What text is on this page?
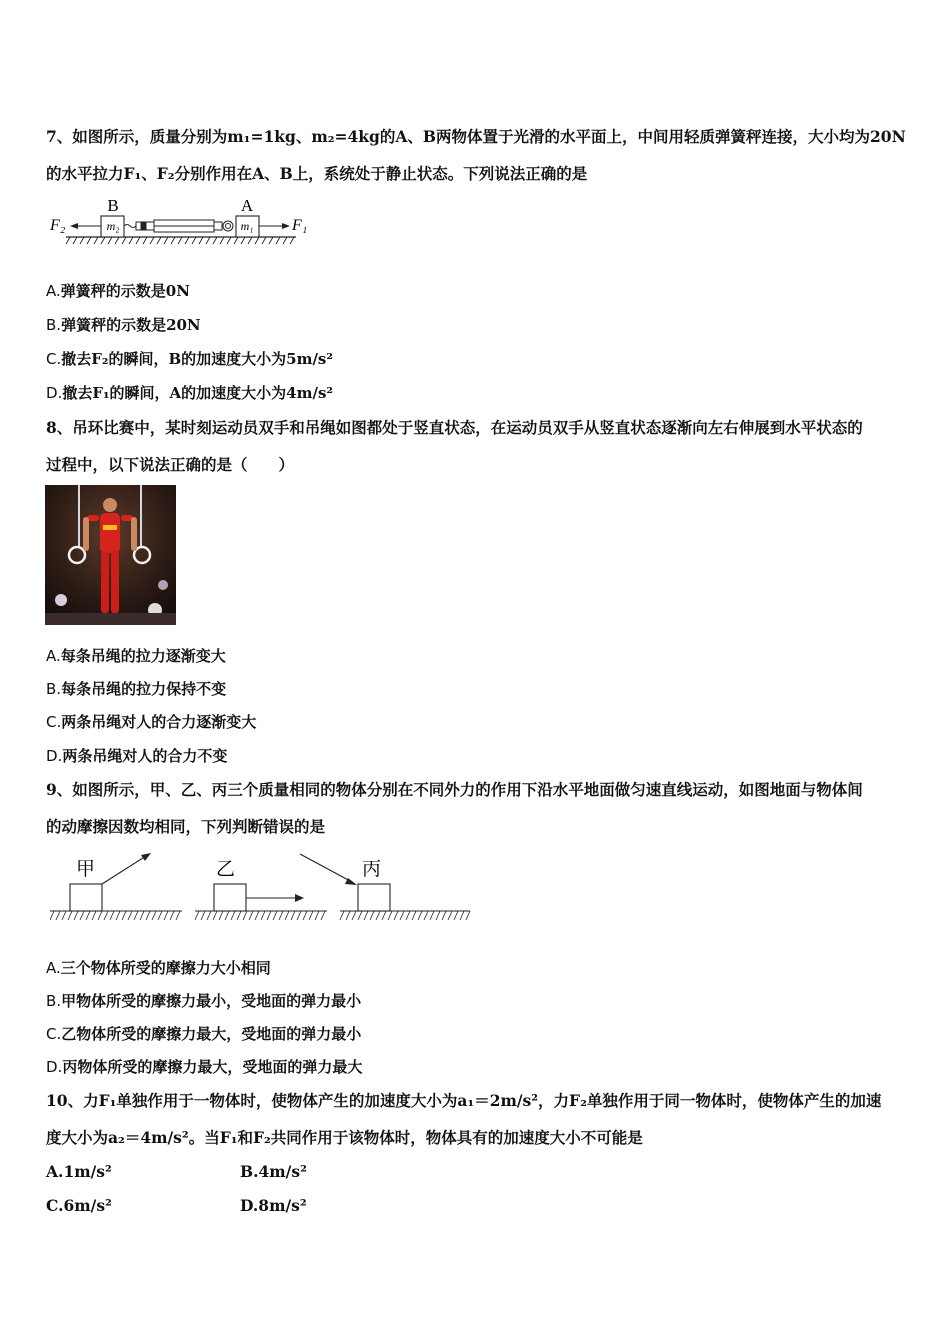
7、如图所示，质量分别为m₁=1kg、m₂=4kg的A、B两物体置于光滑的水平面上，中间用轻质弹簧秤连接，大小均为20N
的水平拉力F₁、F₂分别作用在A、B上，系统处于静止状态。下列说法正确的是
m₂
B
m₁
A
F₂	F₁
A.弹簧秤的示数是0N
B.弹簧秤的示数是20N
C.撤去F₂的瞬间，B的加速度大小为5m/s²
D.撤去F₁的瞬间，A的加速度大小为4m/s²
8、吊环比赛中，某时刻运动员双手和吊绳如图都处于竖直状态，在运动员双手从竖直状态逐渐向左右伸展到水平状态的
过程中，以下说法正确的是（　　）
A.每条吊绳的拉力逐渐变大
B.每条吊绳的拉力保持不变
C.两条吊绳对人的合力逐渐变大
D.两条吊绳对人的合力不变
9、如图所示，甲、乙、丙三个质量相同的物体分别在不同外力的作用下沿水平地面做匀速直线运动，如图地面与物体间
的动摩擦因数均相同，下列判断错误的是
甲	乙	丙
A.三个物体所受的摩擦力大小相同
B.甲物体所受的摩擦力最小，受地面的弹力最小
C.乙物体所受的摩擦力最大，受地面的弹力最小
D.丙物体所受的摩擦力最大，受地面的弹力最大
10、力F₁单独作用于一物体时，使物体产生的加速度大小为a₁＝2m/s²，力F₂单独作用于同一物体时，使物体产生的加速
度大小为a₂＝4m/s²。当F₁和F₂共同作用于该物体时，物体具有的加速度大小不可能是
A.1m/s²	B.4m/s²
C.6m/s²	D.8m/s²
